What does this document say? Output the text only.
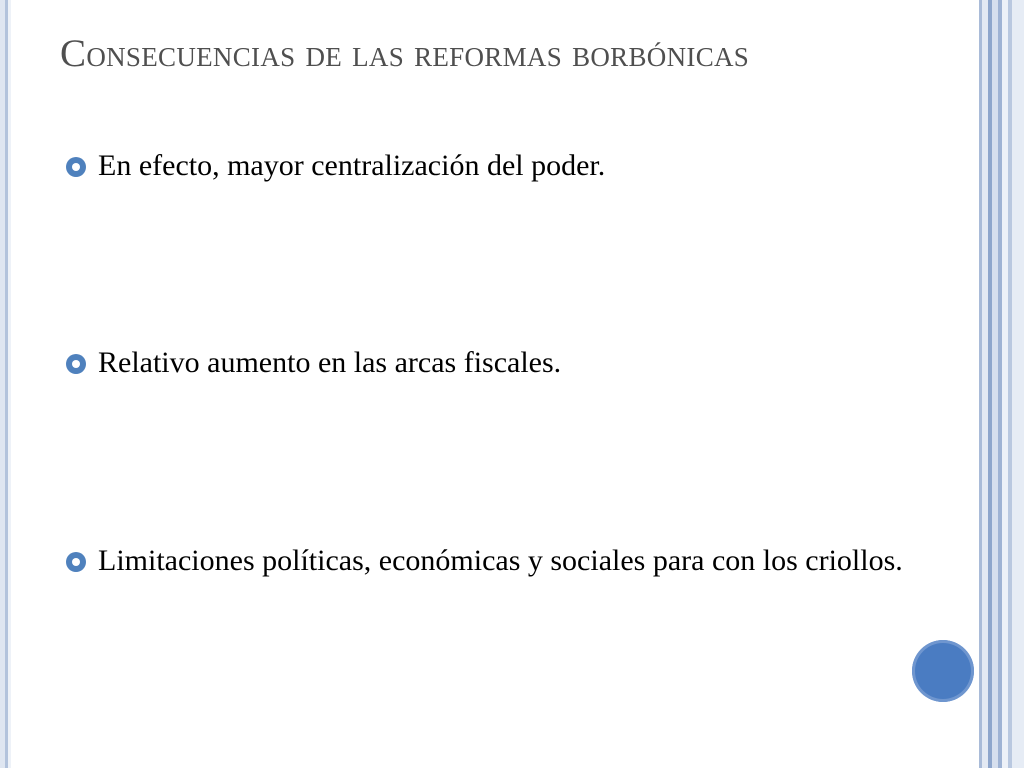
Consecuencias de las reformas borbónicas
En efecto, mayor centralización del poder.
Relativo aumento en las arcas fiscales.
Limitaciones políticas, económicas y sociales para con los criollos.
